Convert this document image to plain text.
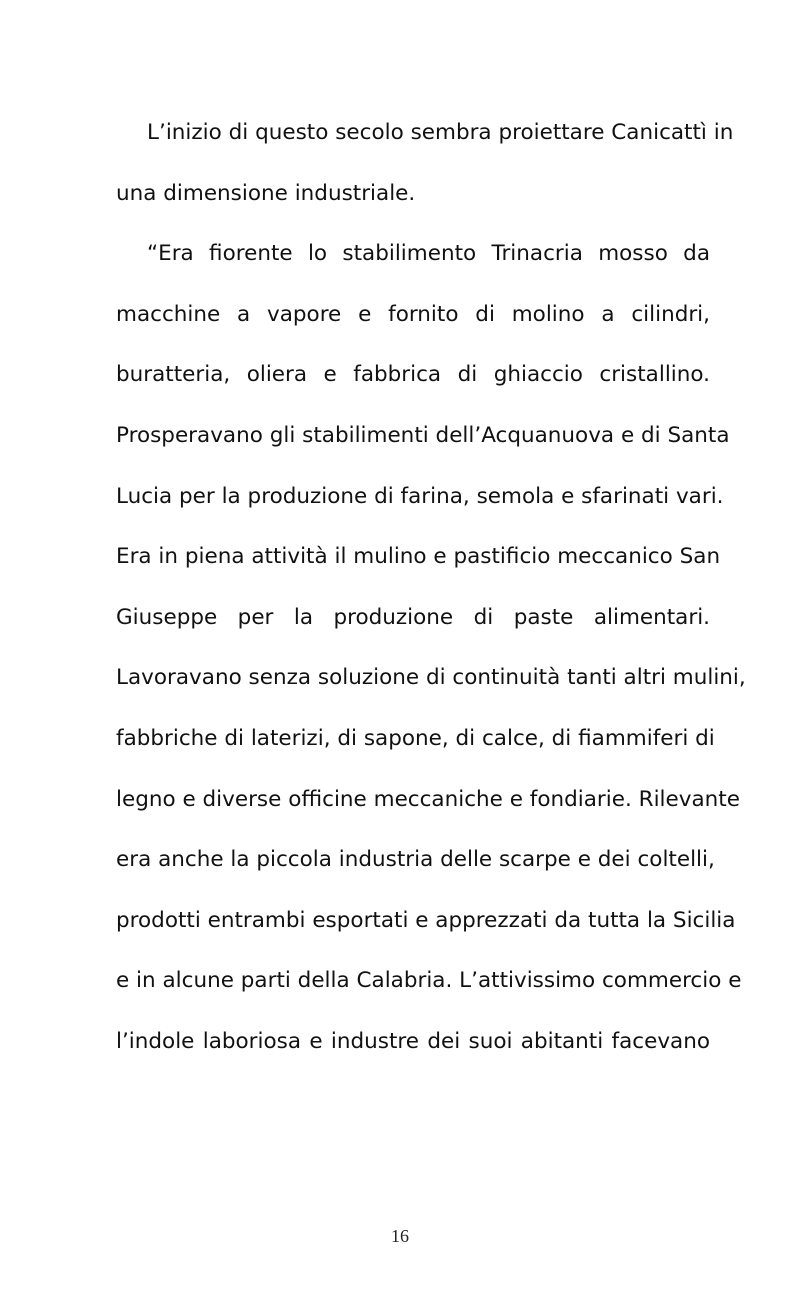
L’inizio di questo secolo sembra proiettare Canicattì in
una dimensione industriale.
“Era fiorente lo stabilimento Trinacria mosso da
macchine a vapore e fornito di molino a cilindri,
buratteria, oliera e fabbrica di ghiaccio cristallino.
Prosperavano gli stabilimenti dell’Acquanuova e di Santa
Lucia per la produzione di farina, semola e sfarinati vari.
Era in piena attività il mulino e pastificio meccanico San
Giuseppe per la produzione di paste alimentari.
Lavoravano senza soluzione di continuità tanti altri mulini,
fabbriche di laterizi, di sapone, di calce, di fiammiferi di
legno e diverse officine meccaniche e fondiarie. Rilevante
era anche la piccola industria delle scarpe e dei coltelli,
prodotti entrambi esportati e apprezzati da tutta la Sicilia
e in alcune parti della Calabria. L’attivissimo commercio e
l’indole laboriosa e industre dei suoi abitanti facevano
16
